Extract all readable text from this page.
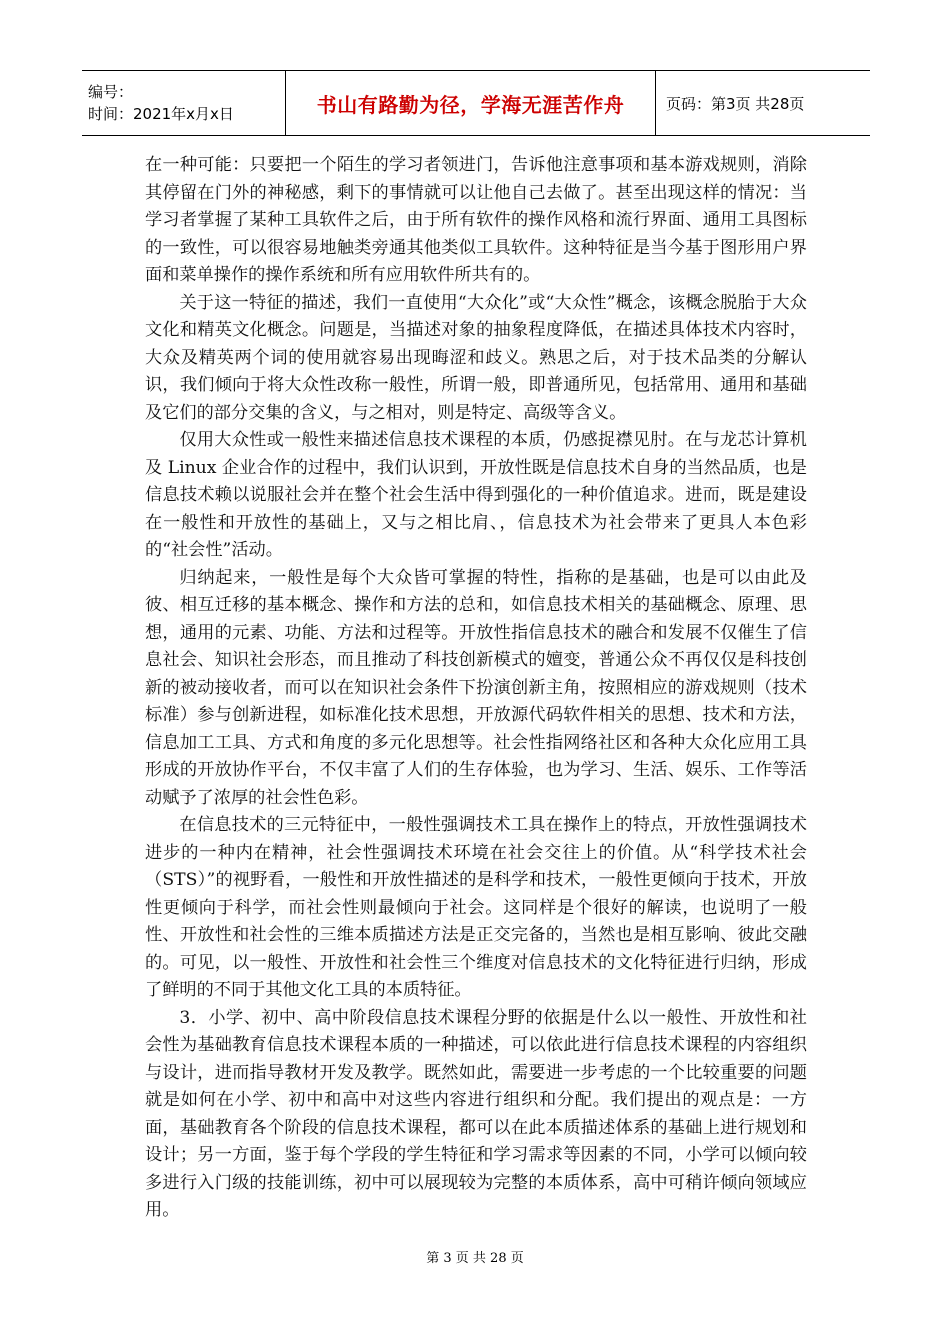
编号：
时间：2021年x月x日	书山有路勤为径，学海无涯苦作舟	页码：第3页 共28页

在一种可能：只要把一个陌生的学习者领进门，告诉他注意事项和基本游戏规则，消除其停留在门外的神秘感，剩下的事情就可以让他自己去做了。甚至出现这样的情况：当学习者掌握了某种工具软件之后，由于所有软件的操作风格和流行界面、通用工具图标的一致性，可以很容易地触类旁通其他类似工具软件。这种特征是当今基于图形用户界面和菜单操作的操作系统和所有应用软件所共有的。

关于这一特征的描述，我们一直使用“大众化”或“大众性”概念，该概念脱胎于大众文化和精英文化概念。问题是，当描述对象的抽象程度降低，在描述具体技术内容时，大众及精英两个词的使用就容易出现晦涩和歧义。熟思之后，对于技术品类的分解认识，我们倾向于将大众性改称一般性，所谓一般，即普通所见，包括常用、通用和基础及它们的部分交集的含义，与之相对，则是特定、高级等含义。

仅用大众性或一般性来描述信息技术课程的本质，仍感捉襟见肘。在与龙芯计算机及 Linux 企业合作的过程中，我们认识到，开放性既是信息技术自身的当然品质，也是信息技术赖以说服社会并在整个社会生活中得到强化的一种价值追求。进而，既是建设在一般性和开放性的基础上，又与之相比肩、，信息技术为社会带来了更具人本色彩的“社会性”活动。

归纳起来，一般性是每个大众皆可掌握的特性，指称的是基础，也是可以由此及彼、相互迁移的基本概念、操作和方法的总和，如信息技术相关的基础概念、原理、思想，通用的元素、功能、方法和过程等。开放性指信息技术的融合和发展不仅催生了信息社会、知识社会形态，而且推动了科技创新模式的嬗变，普通公众不再仅仅是科技创新的被动接收者，而可以在知识社会条件下扮演创新主角，按照相应的游戏规则（技术标准）参与创新进程，如标准化技术思想，开放源代码软件相关的思想、技术和方法，信息加工工具、方式和角度的多元化思想等。社会性指网络社区和各种大众化应用工具形成的开放协作平台，不仅丰富了人们的生存体验，也为学习、生活、娱乐、工作等活动赋予了浓厚的社会性色彩。

在信息技术的三元特征中，一般性强调技术工具在操作上的特点，开放性强调技术进步的一种内在精神，社会性强调技术环境在社会交往上的价值。从“科学技术社会（STS）”的视野看，一般性和开放性描述的是科学和技术，一般性更倾向于技术，开放性更倾向于科学，而社会性则最倾向于社会。这同样是个很好的解读，也说明了一般性、开放性和社会性的三维本质描述方法是正交完备的，当然也是相互影响、彼此交融的。可见，以一般性、开放性和社会性三个维度对信息技术的文化特征进行归纳，形成了鲜明的不同于其他文化工具的本质特征。

3．小学、初中、高中阶段信息技术课程分野的依据是什么以一般性、开放性和社会性为基础教育信息技术课程本质的一种描述，可以依此进行信息技术课程的内容组织与设计，进而指导教材开发及教学。既然如此，需要进一步考虑的一个比较重要的问题就是如何在小学、初中和高中对这些内容进行组织和分配。我们提出的观点是：一方面，基础教育各个阶段的信息技术课程，都可以在此本质描述体系的基础上进行规划和设计；另一方面，鉴于每个学段的学生特征和学习需求等因素的不同，小学可以倾向较多进行入门级的技能训练，初中可以展现较为完整的本质体系，高中可稍许倾向领域应用。

第 3 页 共 28 页
